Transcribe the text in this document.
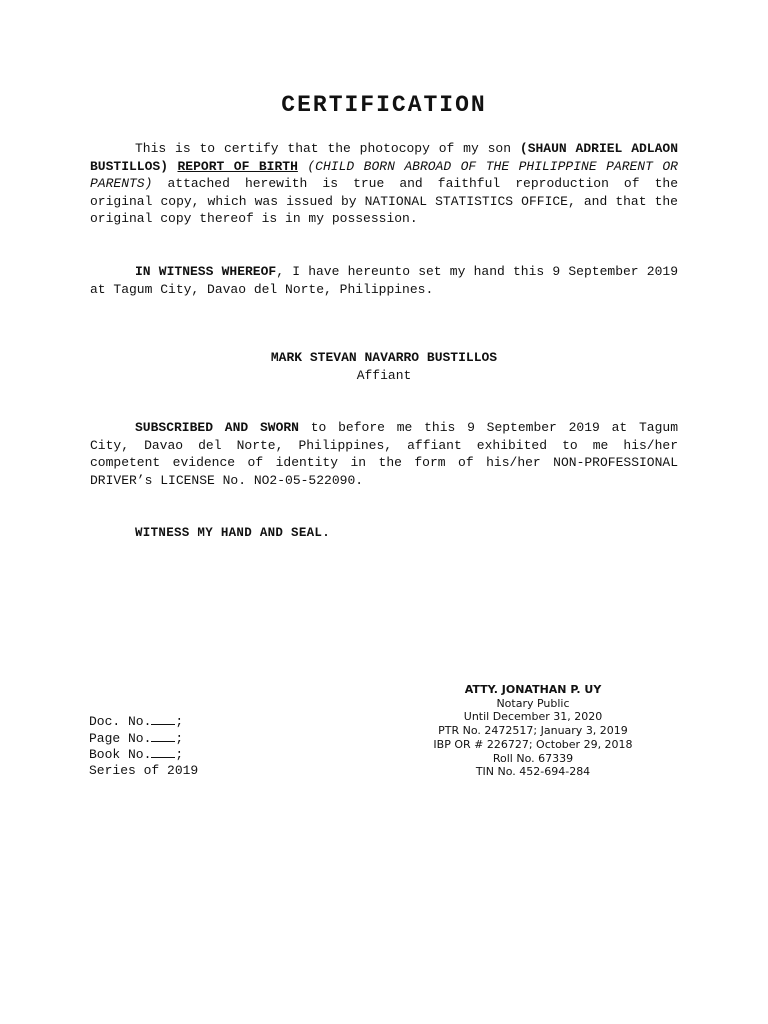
CERTIFICATION
This is to certify that the photocopy of my son (SHAUN ADRIEL ADLAON BUSTILLOS) REPORT OF BIRTH (CHILD BORN ABROAD OF THE PHILIPPINE PARENT OR PARENTS) attached herewith is true and faithful reproduction of the original copy, which was issued by NATIONAL STATISTICS OFFICE, and that the original copy thereof is in my possession.
IN WITNESS WHEREOF, I have hereunto set my hand this 9 September 2019 at Tagum City, Davao del Norte, Philippines.
MARK STEVAN NAVARRO BUSTILLOS
Affiant
SUBSCRIBED AND SWORN to before me this 9 September 2019 at Tagum City, Davao del Norte, Philippines, affiant exhibited to me his/her competent evidence of identity in the form of his/her NON-PROFESSIONAL DRIVER’s LICENSE No. NO2-05-522090.
WITNESS MY HAND AND SEAL.
Doc. No. ;
Page No. ;
Book No. ;
Series of 2019
ATTY. JONATHAN P. UY
Notary Public
Until December 31, 2020
PTR No. 2472517; January 3, 2019
IBP OR # 226727; October 29, 2018
Roll No. 67339
TIN No. 452-694-284
